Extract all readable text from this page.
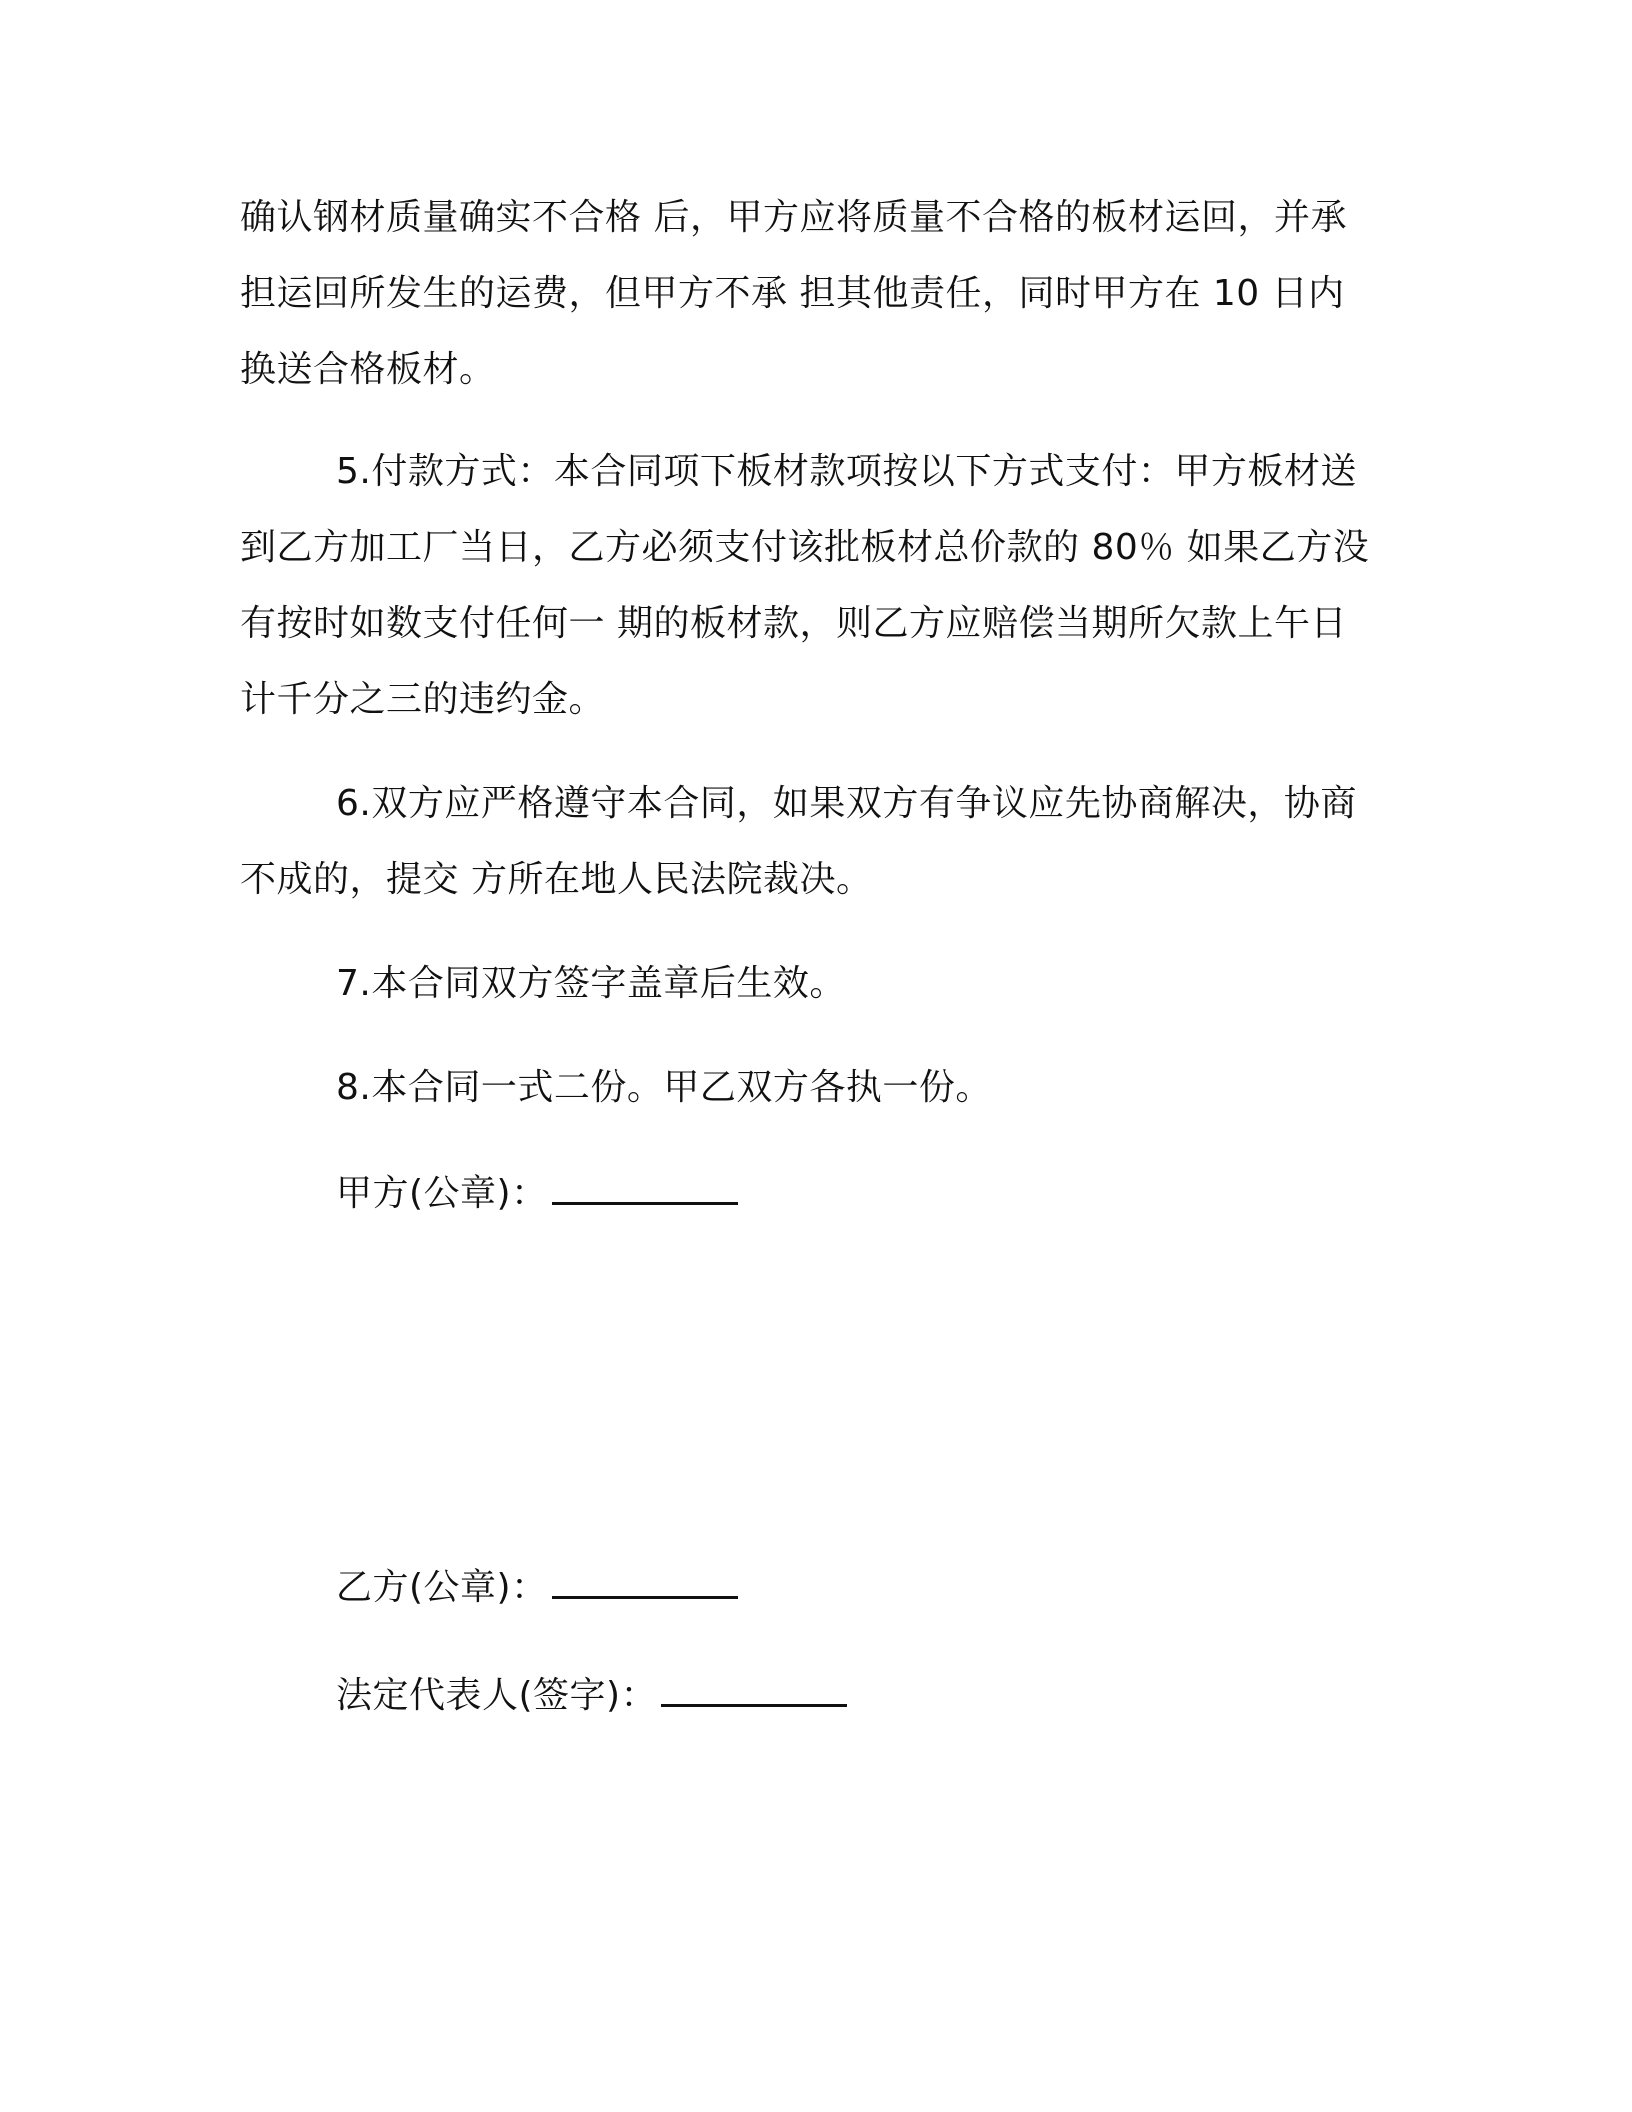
确认钢材质量确实不合格 后，甲方应将质量不合格的板材运回，并承
担运回所发生的运费，但甲方不承 担其他责任，同时甲方在 10 日内
换送合格板材。
5.付款方式：本合同项下板材款项按以下方式支付：甲方板材送
到乙方加工厂当日，乙方必须支付该批板材总价款的 80％ 如果乙方没
有按时如数支付任何一 期的板材款，则乙方应赔偿当期所欠款上午日
计千分之三的违约金。
6.双方应严格遵守本合同，如果双方有争议应先协商解决，协商
不成的，提交 方所在地人民法院裁决。
7.本合同双方签字盖章后生效。
8.本合同一式二份。甲乙双方各执一份。
甲方(公章)：
乙方(公章)：
法定代表人(签字)：
